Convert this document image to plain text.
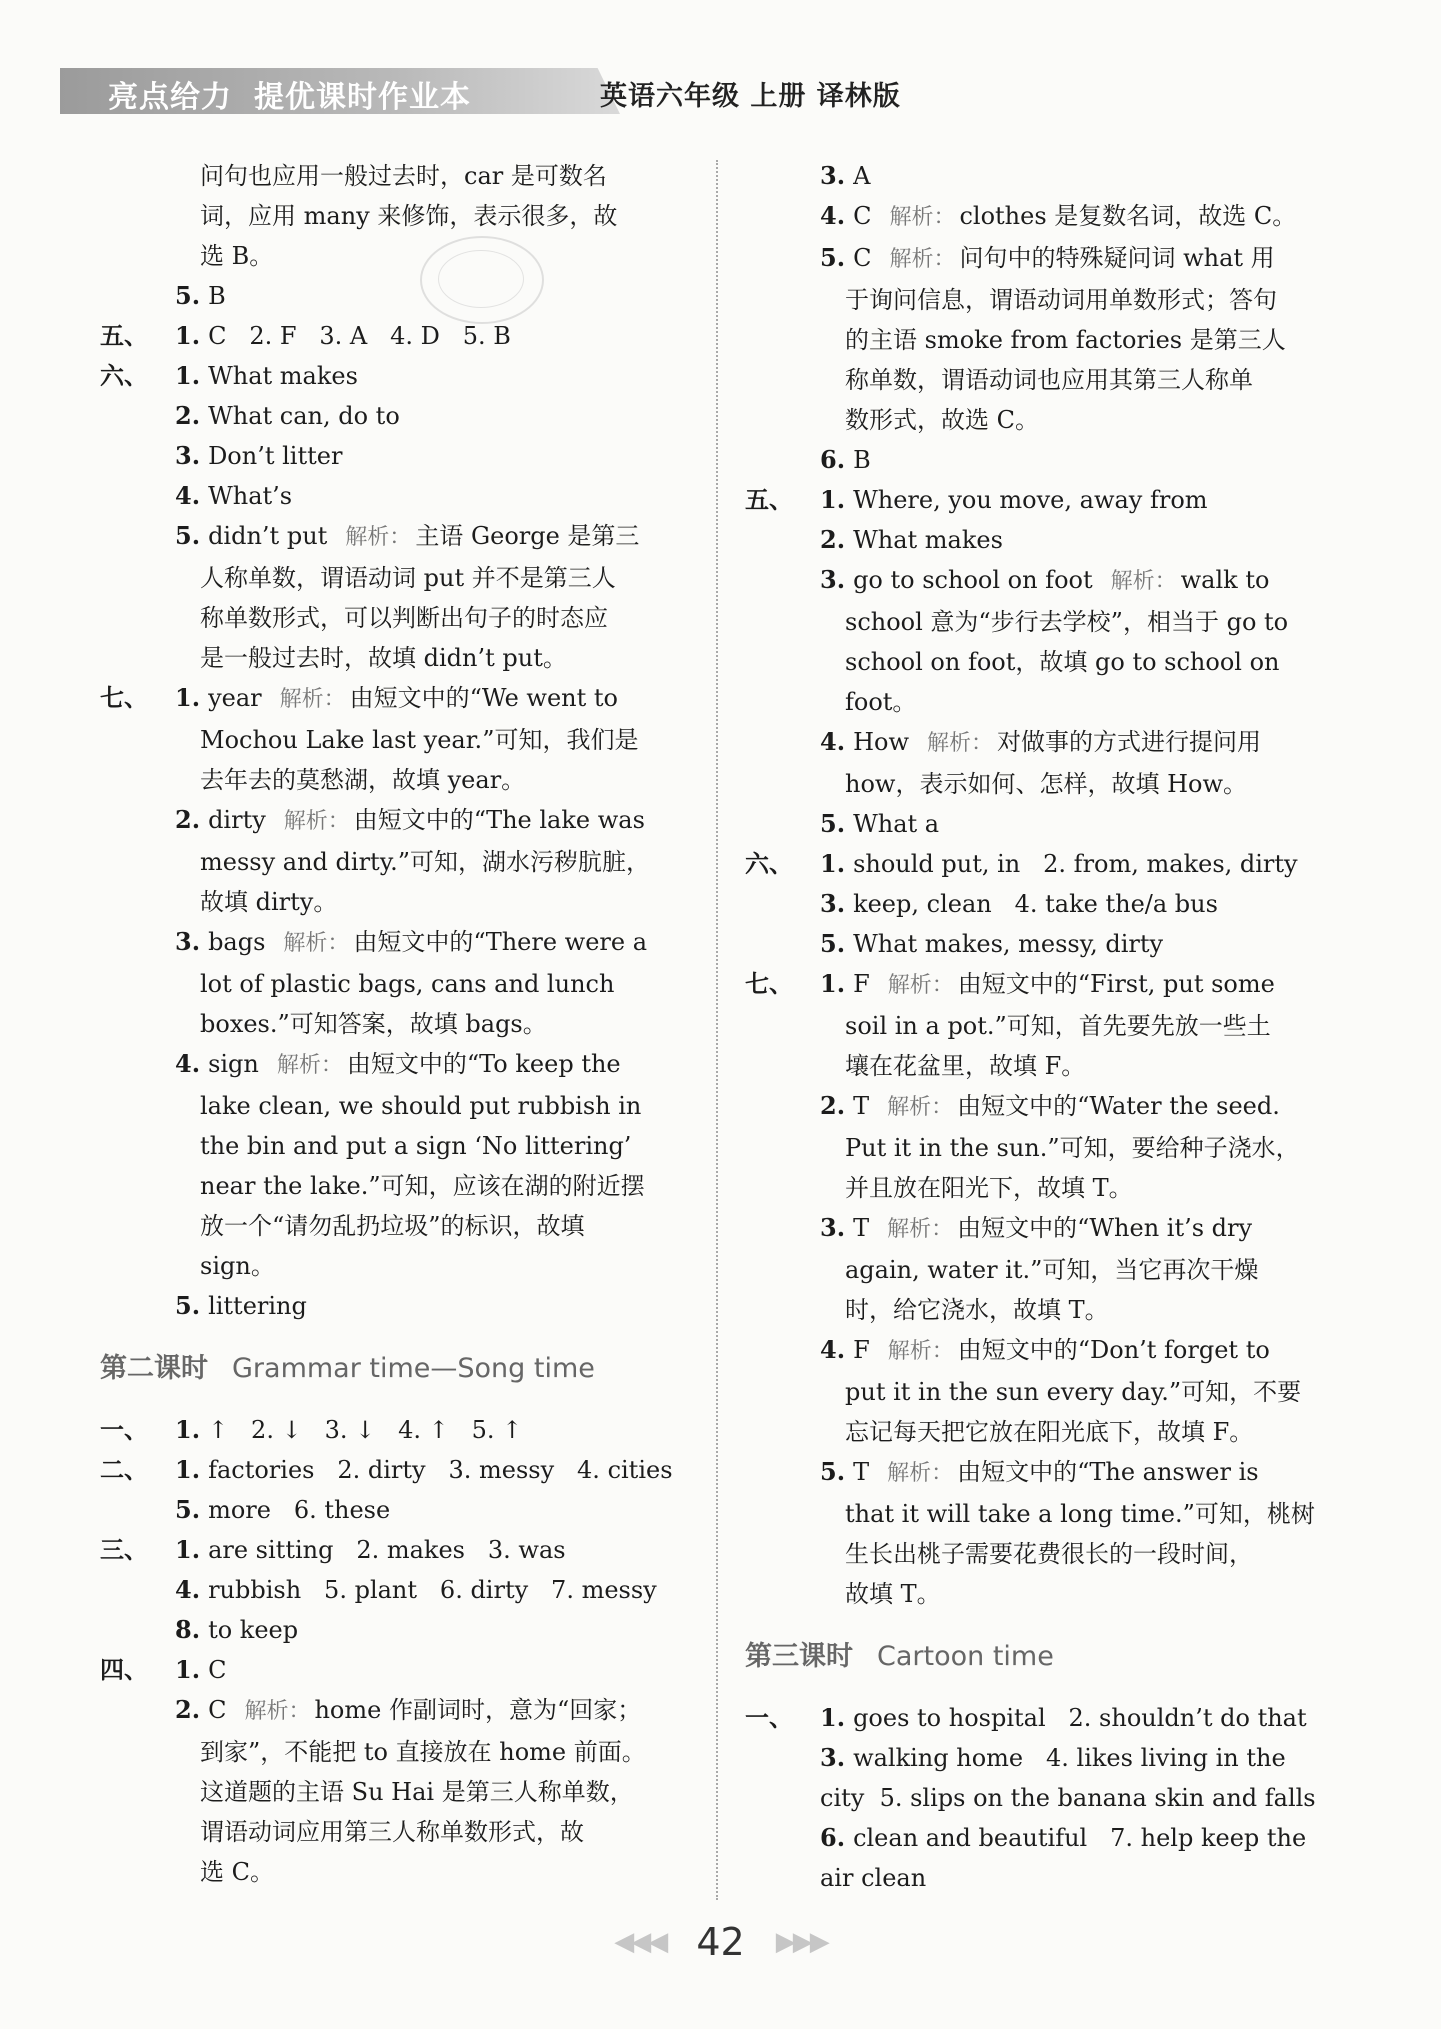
亮点给力 提优课时作业本	英语六年级 上册 译林版
问句也应用一般过去时，car 是可数名
词，应用 many 来修饰，表示很多，故
选 B。
5. B
五、 1. C   2. F   3. A   4. D   5. B
六、 1. What makes
2. What can, do to
3. Don’t litter
4. What’s
5. didn’t put 解析： 主语 George 是第三
人称单数，谓语动词 put 并不是第三人
称单数形式，可以判断出句子的时态应
是一般过去时，故填 didn’t put。
七、 1. year 解析： 由短文中的“We went to
Mochou Lake last year.”可知，我们是
去年去的莫愁湖，故填 year。
2. dirty 解析： 由短文中的“The lake was
messy and dirty.”可知，湖水污秽肮脏，
故填 dirty。
3. bags 解析： 由短文中的“There were a
lot of plastic bags, cans and lunch
boxes.”可知答案，故填 bags。
4. sign 解析： 由短文中的“To keep the
lake clean, we should put rubbish in
the bin and put a sign ‘No littering’
near the lake.”可知，应该在湖的附近摆
放一个“请勿乱扔垃圾”的标识，故填
sign。
5. littering
第二课时 Grammar time—Song time
一、 1. ↑   2. ↓   3. ↓   4. ↑   5. ↑
二、 1. factories   2. dirty   3. messy   4. cities
5. more   6. these
三、 1. are sitting   2. makes   3. was
4. rubbish   5. plant   6. dirty   7. messy
8. to keep
四、 1. C
2. C 解析： home 作副词时，意为“回家；
到家”，不能把 to 直接放在 home 前面。
这道题的主语 Su Hai 是第三人称单数，
谓语动词应用第三人称单数形式，故
选 C。
3. A
4. C 解析： clothes 是复数名词，故选 C。
5. C 解析： 问句中的特殊疑问词 what 用
于询问信息，谓语动词用单数形式；答句
的主语 smoke from factories 是第三人
称单数，谓语动词也应用其第三人称单
数形式，故选 C。
6. B
五、 1. Where, you move, away from
2. What makes
3. go to school on foot 解析： walk to
school 意为“步行去学校”，相当于 go to
school on foot，故填 go to school on
foot。
4. How 解析： 对做事的方式进行提问用
how，表示如何、怎样，故填 How。
5. What a
六、 1. should put, in   2. from, makes, dirty
3. keep, clean   4. take the/a bus
5. What makes, messy, dirty
七、 1. F 解析： 由短文中的“First, put some
soil in a pot.”可知，首先要先放一些土
壤在花盆里，故填 F。
2. T 解析： 由短文中的“Water the seed.
Put it in the sun.”可知，要给种子浇水，
并且放在阳光下，故填 T。
3. T 解析： 由短文中的“When it’s dry
again, water it.”可知，当它再次干燥
时，给它浇水，故填 T。
4. F 解析： 由短文中的“Don’t forget to
put it in the sun every day.”可知，不要
忘记每天把它放在阳光底下，故填 F。
5. T 解析： 由短文中的“The answer is
that it will take a long time.”可知，桃树
生长出桃子需要花费很长的一段时间，
故填 T。
第三课时 Cartoon time
一、 1. goes to hospital   2. shouldn’t do that
3. walking home   4. likes living in the
city  5. slips on the banana skin and falls
6. clean and beautiful   7. help keep the
air clean
◀◀◀ 42 ▶▶▶
